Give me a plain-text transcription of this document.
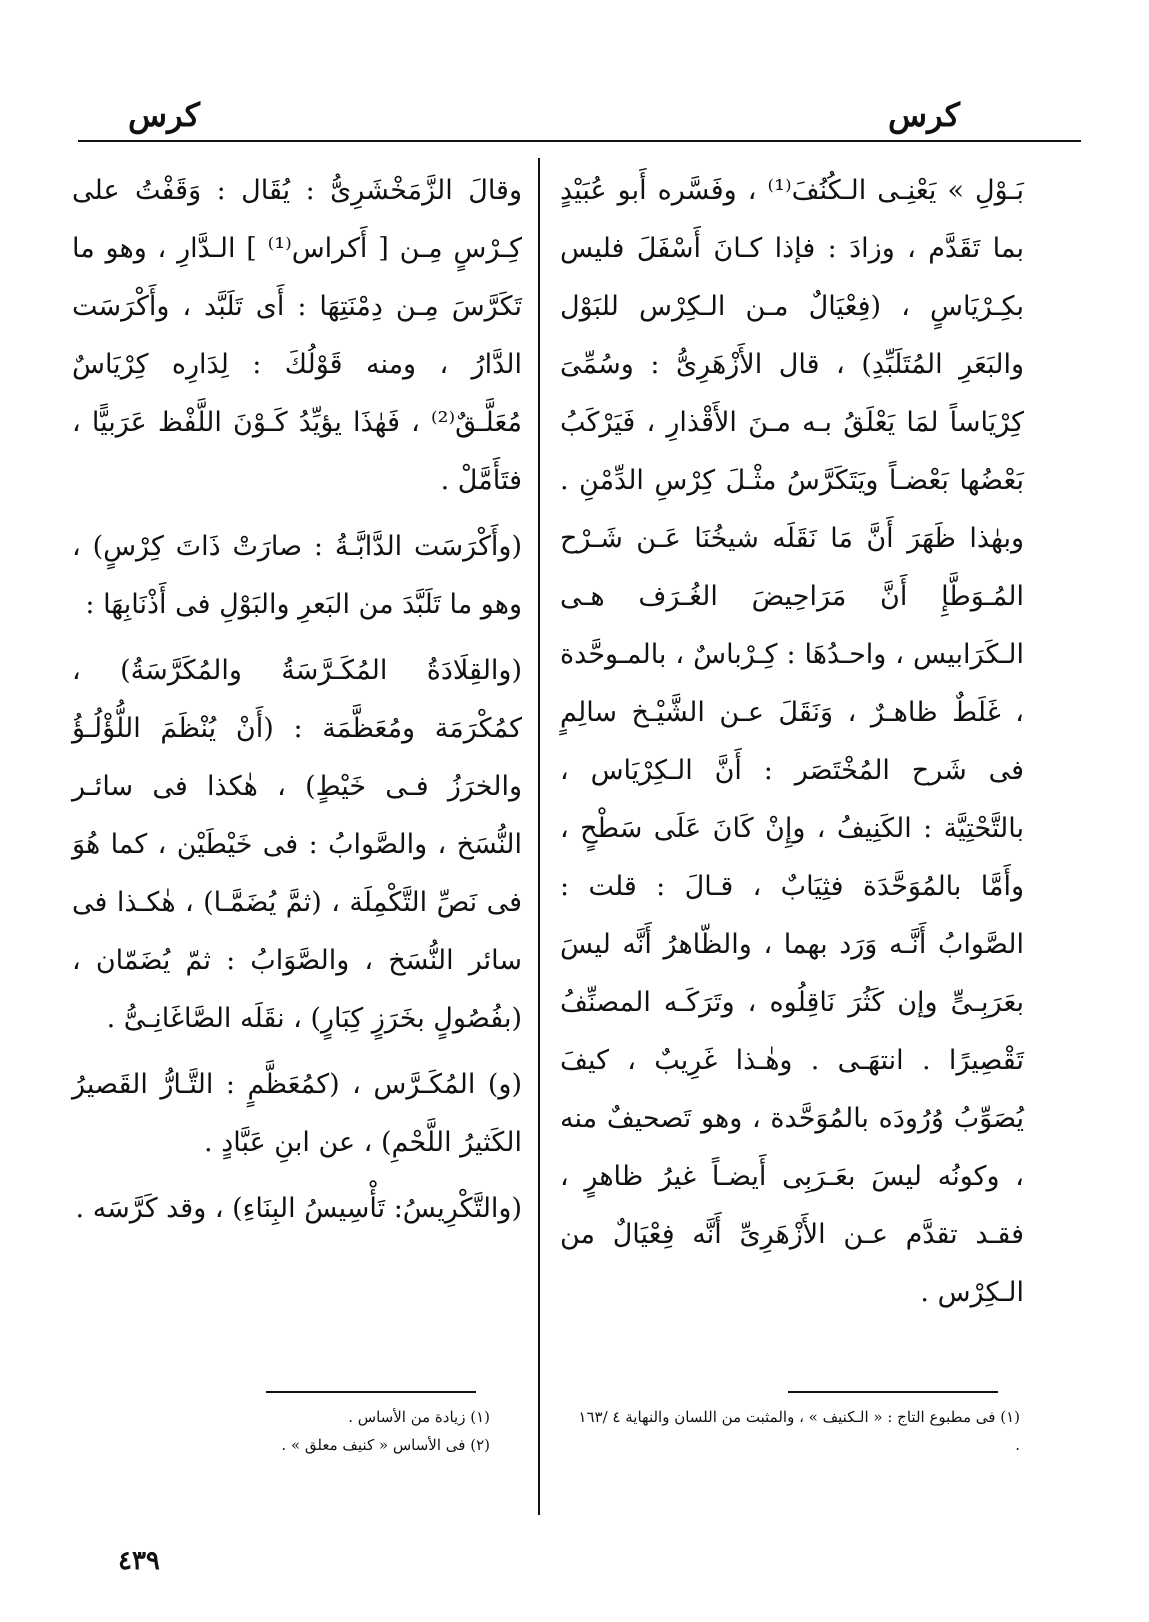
كرس
كرس

بَـوْلِ » يَعْنِـى الـكُنُفَ⁽¹⁾ ، وفَسَّره أَبو عُبَيْدٍ بما تَقَدَّم ، وزادَ : فإذا كـانَ أَسْفَلَ فليس بكِـرْيَاسٍ ، (فِعْيَالٌ مـن الـكِرْس للبَوْل والبَعَرِ المُتَلَبِّدِ) ، قال الأَزْهَرِىُّ : وسُمِّىَ كِرْيَاساً لمَا يَعْلَقُ بـه مـنَ الأَقْذارِ ، فَيَرْكَبُ بَعْضُها بَعْضـاً ويَتَكَرَّسُ مثْـلَ كِرْسِ الدِّمْنِ . وبهٰذا ظَهَرَ أَنَّ مَا نَقَلَه شيخُنَا عَـن شَـرْح المُـوَطَّإِ أَنَّ مَرَاحِيضَ الغُـرَف هـى الـكَرَابيس ، واحـدُهَا : كِـرْباسٌ ، بالمـوحَّدة ، غَلَطٌ ظاهـرٌ ، وَنَقَلَ عـن الشَّيْـخ سالِمٍ فى شَرح المُخْتَصَر : أَنَّ الـكِرْيَاس ، بالتَّحْتِيَّة : الكَنِيفُ ، وإِنْ كَانَ عَلَى سَطْحٍ ، وأَمَّا بالمُوَحَّدَة فثِيَابٌ ، قـالَ : قلت : الصَّوابُ أَنَّـه وَرَد بهما ، والظّاهرُ أَنَّه ليسَ بعَرَبِـىٍّ وإن كَثُرَ نَاقِلُوه ، وتَرَكَـه المصنِّفُ تَقْصِيرًا . انتهَـى . وهٰـذا غَرِيبٌ ، كيفَ يُصَوِّبُ وُرُودَه بالمُوَحَّدة ، وهو تَصحيفٌ منه ، وكونُه ليسَ بعَـرَبِى أَيضـاً غيرُ ظاهرٍ ، فقـد تقدَّم عـن الأَزْهَرِىِّ أَنَّه فِعْيَالٌ من الـكِرْس .

وقالَ الزَّمَخْشَرِىُّ : يُقَال : وَقَفْتُ على كِـرْسٍ مِـن [ أَكراس⁽¹⁾ ] الـدَّارِ ، وهو ما تَكَرَّسَ مِـن دِمْنَتِهَا : أَى تَلَبَّد ، وأَكْرَسَت الدَّارُ ، ومنه قَوْلُكَ : لِدَارِه كِرْيَاسٌ مُعَلَّـقٌ⁽²⁾ ، فَهٰذَا يؤيِّدُ كَـوْنَ اللَّفْظ عَرَبيًّا ، فتَأَمَّلْ .

(وأَكْرَسَت الدَّابَّـةُ : صارَتْ ذَاتَ كِرْسٍ) ، وهو ما تَلَبَّدَ من البَعرِ والبَوْلِ فى أَذْنَابِهَا :

(والقِلَادَةُ المُكَـرَّسَةُ والمُكَرَّسَةُ) ، كمُكْرَمَة ومُعَظَّمَة : (أَنْ يُنْظَمَ اللُّؤْلُـؤُ والخرَزُ فـى خَيْطٍ) ، هٰكذا فى سائـر النُّسَخ ، والصَّوابُ : فى خَيْطَيْن ، كما هُوَ فى نَصِّ التَّكْمِلَة ، (ثمَّ يُضَمَّـا) ، هٰكـذا فى سائر النُّسَخ ، والصَّوَابُ : ثمّ يُضَمّان ، (بفُصُولٍ بخَرَزٍ كِبَارٍ) ، نقَلَه الصَّاغَانِـىُّ .

(و) المُكَـرَّس ، (كمُعَظَّمٍ : التَّـارُّ القَصيرُ الكَثيرُ اللَّحْمِ) ، عن ابنِ عَبَّادٍ .

(والتَّكْرِيسُ: تَأْسِيسُ البِنَاءِ) ، وقد كَرَّسَه .

(١) فى مطبوع التاج : « الـكنيف » ، والمثبت من اللسان والنهاية ٤ /١٦٣ .
(١) زيادة من الأساس .
(٢) فى الأساس « كنيف معلق » .
٤٣٩
